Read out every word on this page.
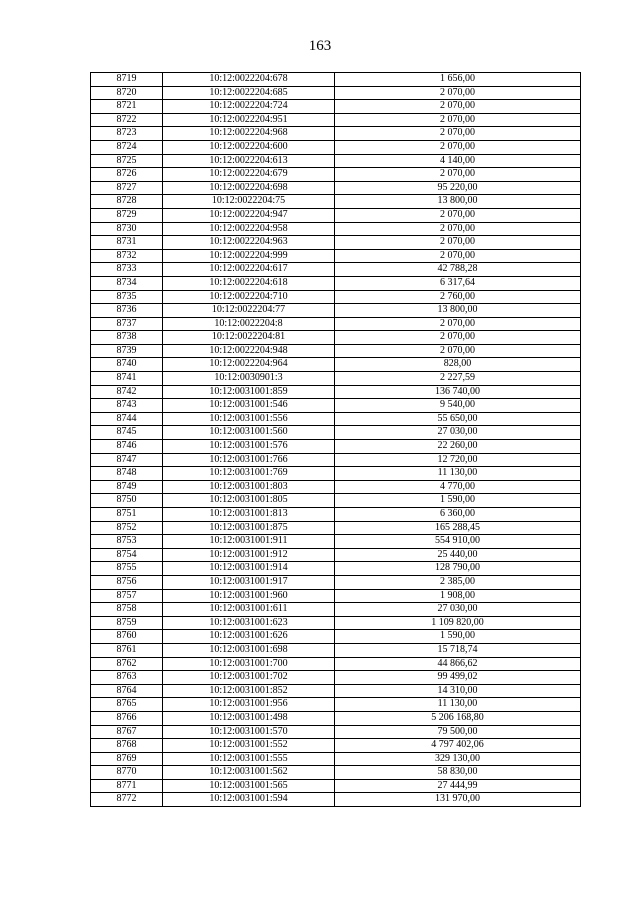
163
8719	10:12:0022204:678	1 656,00
8720	10:12:0022204:685	2 070,00
8721	10:12:0022204:724	2 070,00
8722	10:12:0022204:951	2 070,00
8723	10:12:0022204:968	2 070,00
8724	10:12:0022204:600	2 070,00
8725	10:12:0022204:613	4 140,00
8726	10:12:0022204:679	2 070,00
8727	10:12:0022204:698	95 220,00
8728	10:12:0022204:75	13 800,00
8729	10:12:0022204:947	2 070,00
8730	10:12:0022204:958	2 070,00
8731	10:12:0022204:963	2 070,00
8732	10:12:0022204:999	2 070,00
8733	10:12:0022204:617	42 788,28
8734	10:12:0022204:618	6 317,64
8735	10:12:0022204:710	2 760,00
8736	10:12:0022204:77	13 800,00
8737	10:12:0022204:8	2 070,00
8738	10:12:0022204:81	2 070,00
8739	10:12:0022204:948	2 070,00
8740	10:12:0022204:964	828,00
8741	10:12:0030901:3	2 227,59
8742	10:12:0031001:859	136 740,00
8743	10:12:0031001:546	9 540,00
8744	10:12:0031001:556	55 650,00
8745	10:12:0031001:560	27 030,00
8746	10:12:0031001:576	22 260,00
8747	10:12:0031001:766	12 720,00
8748	10:12:0031001:769	11 130,00
8749	10:12:0031001:803	4 770,00
8750	10:12:0031001:805	1 590,00
8751	10:12:0031001:813	6 360,00
8752	10:12:0031001:875	165 288,45
8753	10:12:0031001:911	554 910,00
8754	10:12:0031001:912	25 440,00
8755	10:12:0031001:914	128 790,00
8756	10:12:0031001:917	2 385,00
8757	10:12:0031001:960	1 908,00
8758	10:12:0031001:611	27 030,00
8759	10:12:0031001:623	1 109 820,00
8760	10:12:0031001:626	1 590,00
8761	10:12:0031001:698	15 718,74
8762	10:12:0031001:700	44 866,62
8763	10:12:0031001:702	99 499,02
8764	10:12:0031001:852	14 310,00
8765	10:12:0031001:956	11 130,00
8766	10:12:0031001:498	5 206 168,80
8767	10:12:0031001:570	79 500,00
8768	10:12:0031001:552	4 797 402,06
8769	10:12:0031001:555	329 130,00
8770	10:12:0031001:562	58 830,00
8771	10:12:0031001:565	27 444,99
8772	10:12:0031001:594	131 970,00
